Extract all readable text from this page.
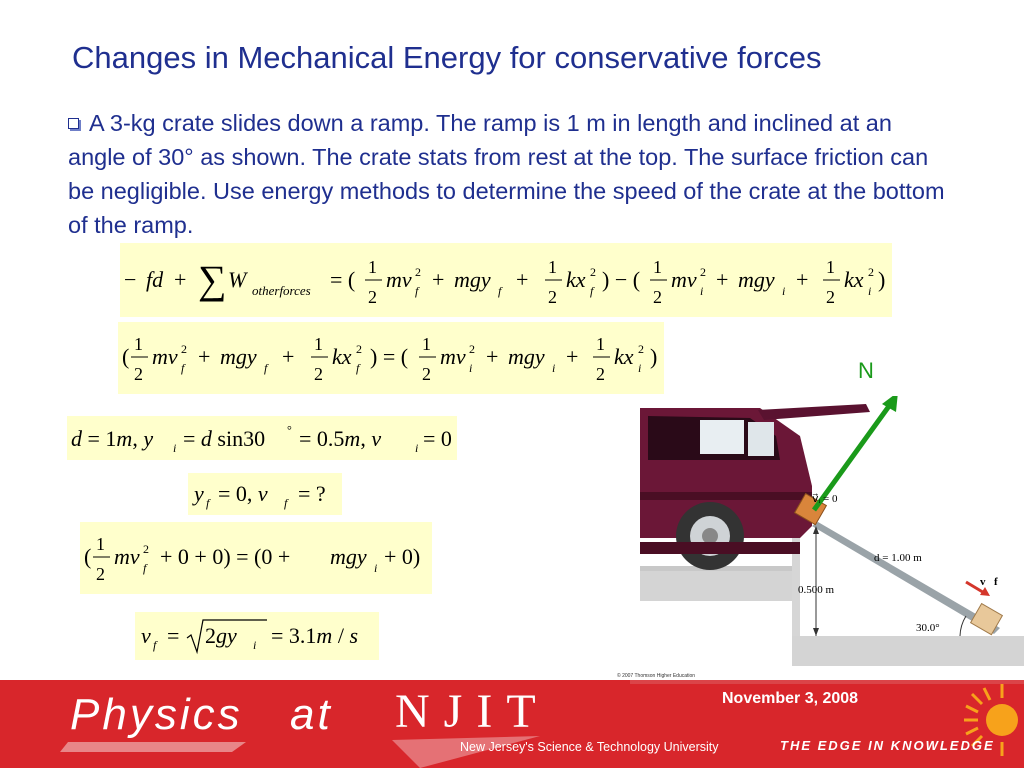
Changes in Mechanical Energy for conservative forces
A 3-kg crate slides down a ramp. The ramp is 1 m in length and inclined at an angle of 30° as shown. The crate stats from rest at the top. The surface friction can be negligible. Use energy methods to determine the speed of the crate at the bottom of the ramp.
− fd + ∑ W otherforces = ( 1
2
mv 2
f + mgy f + 1
2
kx 2
f ) − ( 1
2
mv 2
i + mgy i + 1
2
kx 2
i )
( 1
2
mv 2
f + mgy f + 1
2
kx 2
f ) = ( 1
2
mv 2
i + mgy i + 1
2
kx 2
i )
d = 1m, y i = d sin30 ° = 0.5m, v	i = 0
y f = 0, v f = ?
( 1
2
mv 2
f + 0 + 0) = (0 + mgy i + 0)
v f = 2gy i = 3.1m / s
N
v⃗ᵢ = 0
d = 1.00 m
0.500 m
v⃗f
30.0°
© 2007 Thomson Higher Education
Physics at NJIT
New Jersey's Science & Technology University
November 3, 2008
THE EDGE IN KNOWLEDGE
